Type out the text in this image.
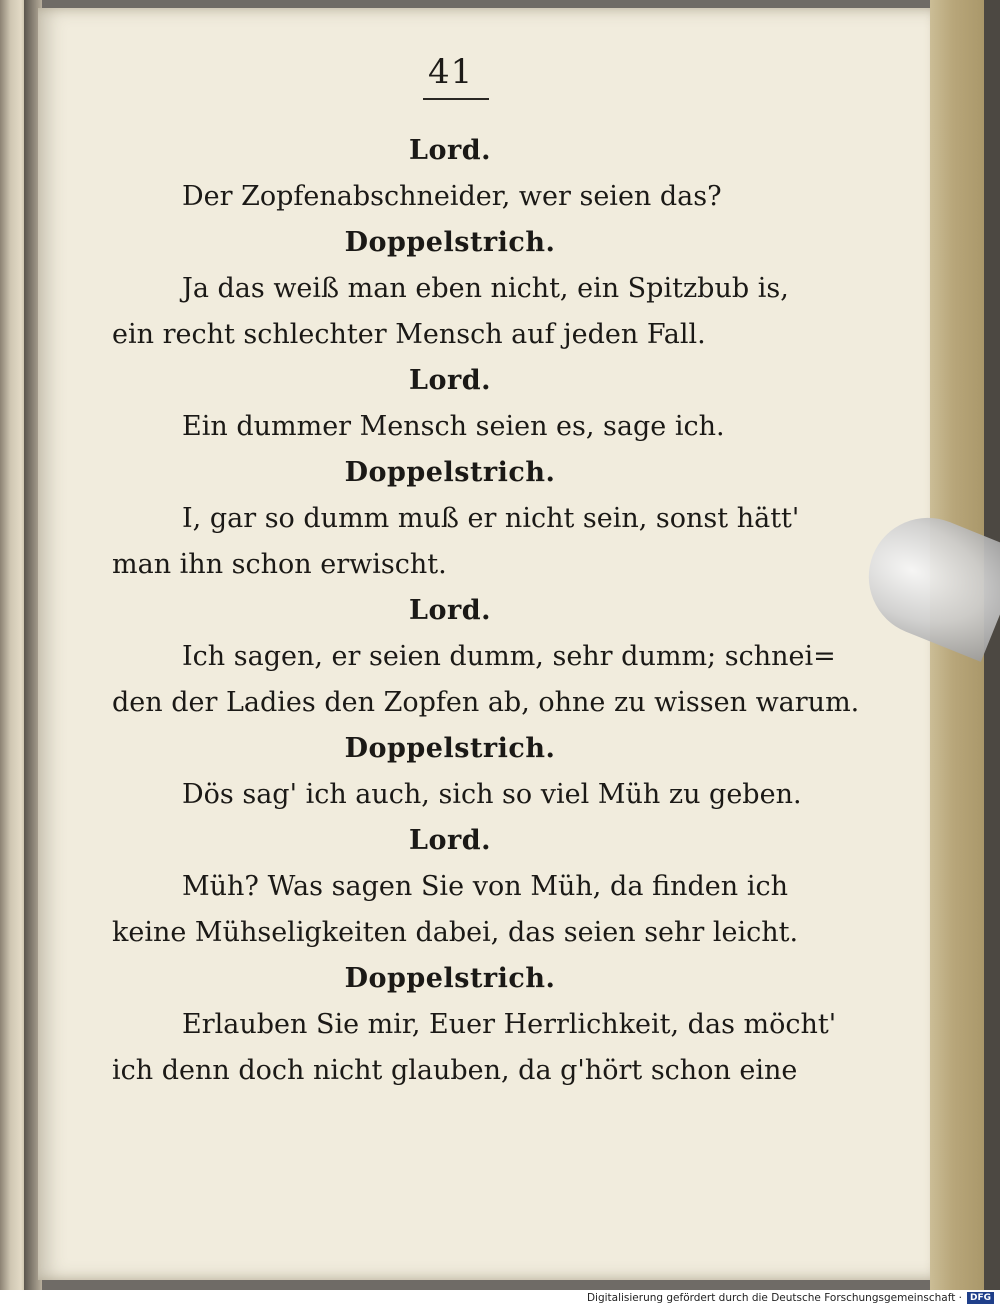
41
Lord.
Der Zopfenabschneider, wer seien das?
Doppelstrich.
Ja das weiß man eben nicht, ein Spitzbub is,
ein recht schlechter Mensch auf jeden Fall.
Lord.
Ein dummer Mensch seien es, sage ich.
Doppelstrich.
I, gar so dumm muß er nicht sein, sonst hätt'
man ihn schon erwischt.
Lord.
Ich sagen, er seien dumm, sehr dumm; schnei=
den der Ladies den Zopfen ab, ohne zu wissen warum.
Doppelstrich.
Dös sag' ich auch, sich so viel Müh zu geben.
Lord.
Müh? Was sagen Sie von Müh, da finden ich
keine Mühseligkeiten dabei, das seien sehr leicht.
Doppelstrich.
Erlauben Sie mir, Euer Herrlichkeit, das möcht'
ich denn doch nicht glauben, da g'hört schon eine
Digitalisierung gefördert durch die Deutsche Forschungsgemeinschaft · DFG
